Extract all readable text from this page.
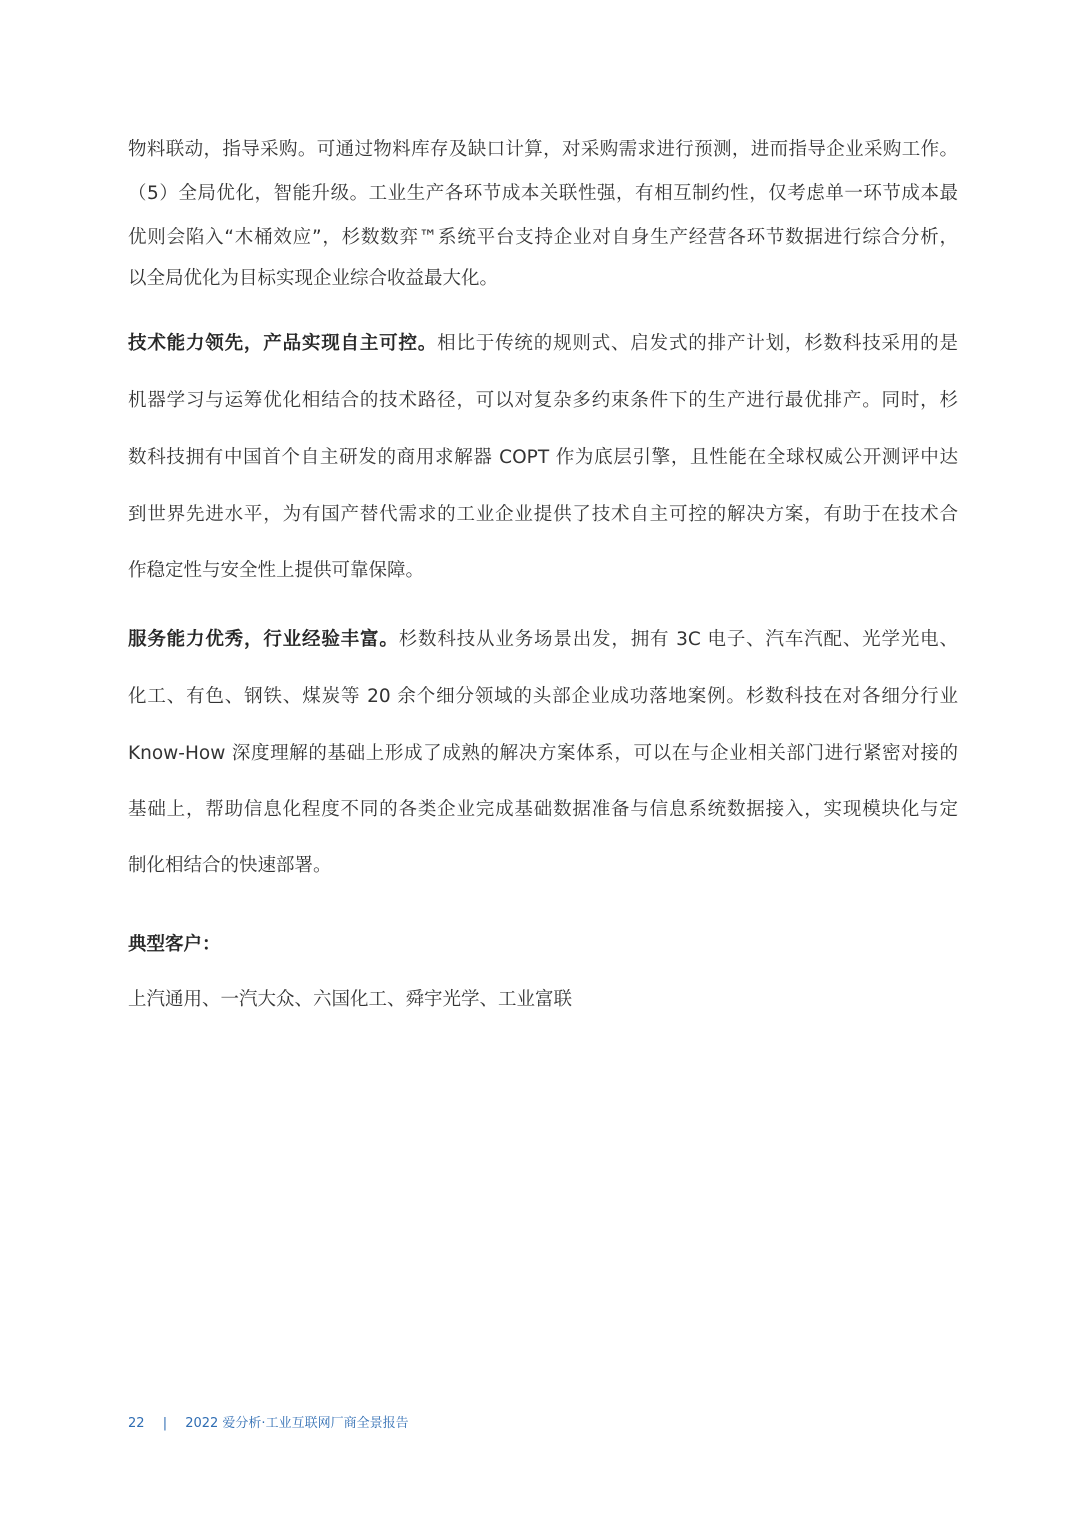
物料联动，指导采购。可通过物料库存及缺口计算，对采购需求进行预测，进而指导企业采购工作。
（5）全局优化，智能升级。工业生产各环节成本关联性强，有相互制约性，仅考虑单一环节成本最
优则会陷入“木桶效应”，杉数数弈™系统平台支持企业对自身生产经营各环节数据进行综合分析，
以全局优化为目标实现企业综合收益最大化。
技术能力领先，产品实现自主可控。相比于传统的规则式、启发式的排产计划，杉数科技采用的是
机器学习与运筹优化相结合的技术路径，可以对复杂多约束条件下的生产进行最优排产。同时，杉
数科技拥有中国首个自主研发的商用求解器 COPT 作为底层引擎，且性能在全球权威公开测评中达
到世界先进水平，为有国产替代需求的工业企业提供了技术自主可控的解决方案，有助于在技术合
作稳定性与安全性上提供可靠保障。
服务能力优秀，行业经验丰富。杉数科技从业务场景出发，拥有 3C 电子、汽车汽配、光学光电、
化工、有色、钢铁、煤炭等 20 余个细分领域的头部企业成功落地案例。杉数科技在对各细分行业
Know-How 深度理解的基础上形成了成熟的解决方案体系，可以在与企业相关部门进行紧密对接的
基础上，帮助信息化程度不同的各类企业完成基础数据准备与信息系统数据接入，实现模块化与定
制化相结合的快速部署。
典型客户：
上汽通用、一汽大众、六国化工、舜宇光学、工业富联
22 | 2022 爱分析·工业互联网厂商全景报告
